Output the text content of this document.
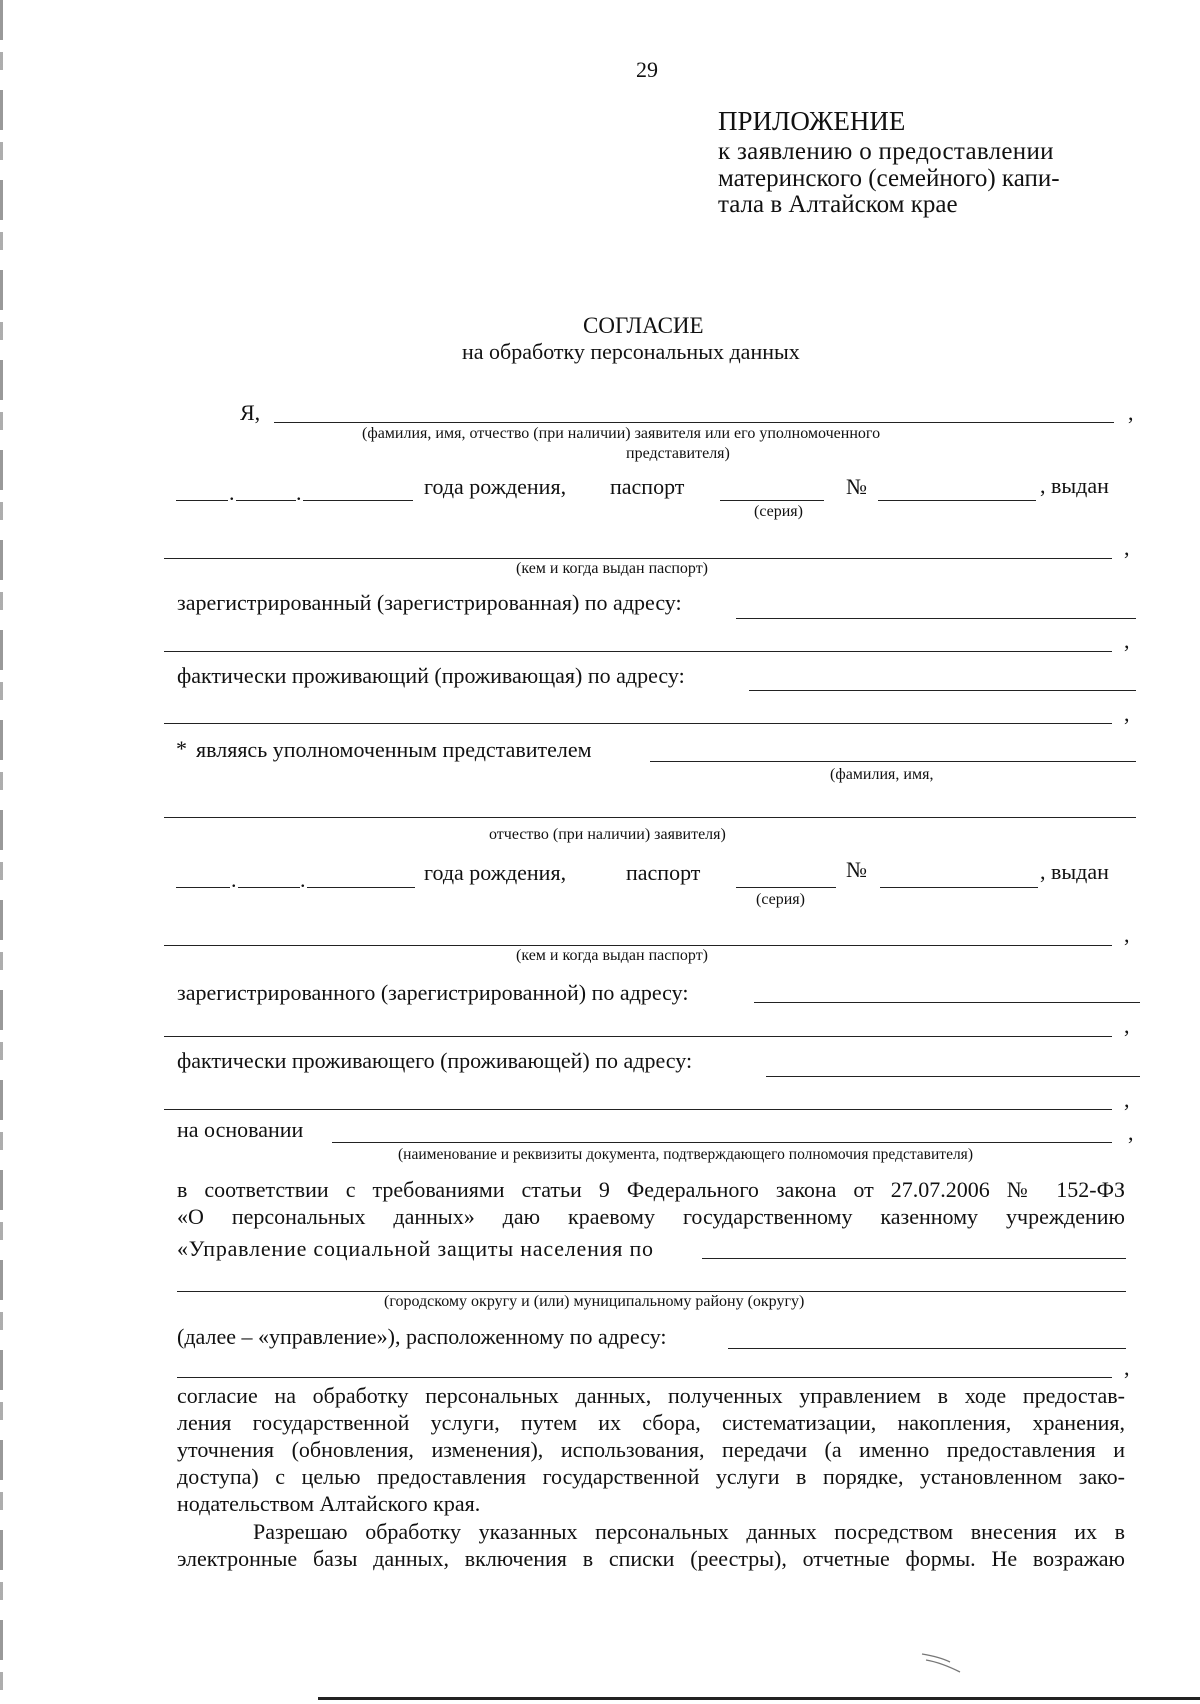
29
ПРИЛОЖЕНИЕ
к заявлению о предоставлении
материнского (семейного) капи-
тала в Алтайском крае
СОГЛАСИЕ
на обработку персональных данных
Я,	,
(фамилия, имя, отчество (при наличии) заявителя или его уполномоченного
представителя)
.	.	года рождения, паспорт	№	, выдан
(серия)
,
(кем и когда выдан паспорт)
зарегистрированный (зарегистрированная) по адресу:
,
фактически проживающий (проживающая) по адресу:
,
* являясь уполномоченным представителем
(фамилия, имя,
отчество (при наличии) заявителя)
.	.	года рождения,	паспорт	№	, выдан
(серия)
,
(кем и когда выдан паспорт)
зарегистрированного (зарегистрированной) по адресу:
,
фактически проживающего (проживающей) по адресу:
,
на основании	,
(наименование и реквизиты документа, подтверждающего полномочия представителя)

в соответствии с требованиями статьи 9 Федерального закона от 27.07.2006 № 152-ФЗ

«О персональных данных» даю краевому государственному казенному учреждению

«Управление социальной защиты населения по
(городскому округу и (или) муниципальному району (округу)
(далее – «управление»), расположенному по адресу:
,

согласие на обработку персональных данных, полученных управлением в ходе предостав-

ления государственной услуги, путем их сбора, систематизации, накопления, хранения,

уточнения (обновления, изменения), использования, передачи (а именно предоставления и

доступа) с целью предоставления государственной услуги в порядке, установленном зако-

нодательством Алтайского края.

Разрешаю обработку указанных персональных данных посредством внесения их в

электронные базы данных, включения в списки (реестры), отчетные формы. Не возражаю
